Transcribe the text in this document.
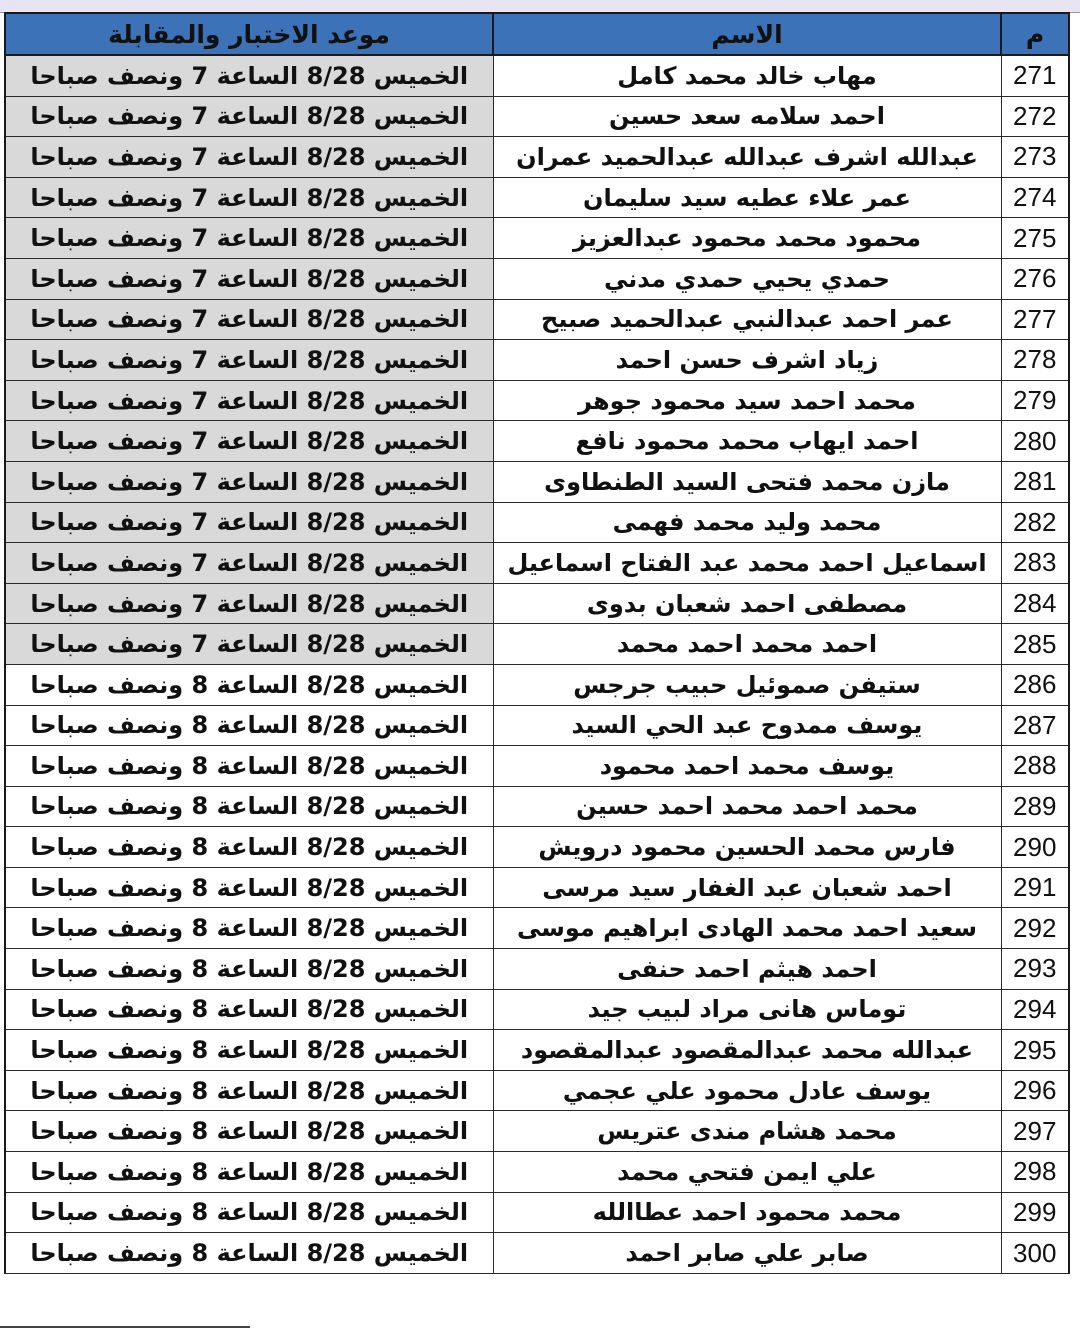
م	الاسم	موعد الاختبار والمقابلة
271	مهاب خالد محمد كامل	الخميس 8/28 الساعة 7 ونصف صباحا
272	احمد سلامه سعد حسين	الخميس 8/28 الساعة 7 ونصف صباحا
273	عبدالله اشرف عبدالله عبدالحميد عمران	الخميس 8/28 الساعة 7 ونصف صباحا
274	عمر علاء عطيه سيد سليمان	الخميس 8/28 الساعة 7 ونصف صباحا
275	محمود محمد محمود عبدالعزيز	الخميس 8/28 الساعة 7 ونصف صباحا
276	حمدي يحيي حمدي مدني	الخميس 8/28 الساعة 7 ونصف صباحا
277	عمر احمد عبدالنبي عبدالحميد صبيح	الخميس 8/28 الساعة 7 ونصف صباحا
278	زياد اشرف حسن احمد	الخميس 8/28 الساعة 7 ونصف صباحا
279	محمد احمد سيد محمود جوهر	الخميس 8/28 الساعة 7 ونصف صباحا
280	احمد ايهاب محمد محمود نافع	الخميس 8/28 الساعة 7 ونصف صباحا
281	مازن محمد فتحى السيد الطنطاوى	الخميس 8/28 الساعة 7 ونصف صباحا
282	محمد وليد محمد فهمى	الخميس 8/28 الساعة 7 ونصف صباحا
283	اسماعيل احمد محمد عبد الفتاح اسماعيل	الخميس 8/28 الساعة 7 ونصف صباحا
284	مصطفى احمد شعبان بدوى	الخميس 8/28 الساعة 7 ونصف صباحا
285	احمد محمد احمد محمد	الخميس 8/28 الساعة 7 ونصف صباحا
286	ستيفن صموئيل حبيب جرجس	الخميس 8/28 الساعة 8 ونصف صباحا
287	يوسف ممدوح عبد الحي السيد	الخميس 8/28 الساعة 8 ونصف صباحا
288	يوسف محمد احمد محمود	الخميس 8/28 الساعة 8 ونصف صباحا
289	محمد احمد محمد احمد حسين	الخميس 8/28 الساعة 8 ونصف صباحا
290	فارس محمد الحسين محمود درويش	الخميس 8/28 الساعة 8 ونصف صباحا
291	احمد شعبان عبد الغفار سيد مرسى	الخميس 8/28 الساعة 8 ونصف صباحا
292	سعيد احمد محمد الهادى ابراهيم موسى	الخميس 8/28 الساعة 8 ونصف صباحا
293	احمد هيثم احمد حنفى	الخميس 8/28 الساعة 8 ونصف صباحا
294	توماس هانى مراد لبيب جيد	الخميس 8/28 الساعة 8 ونصف صباحا
295	عبدالله محمد عبدالمقصود عبدالمقصود	الخميس 8/28 الساعة 8 ونصف صباحا
296	يوسف عادل محمود علي عجمي	الخميس 8/28 الساعة 8 ونصف صباحا
297	محمد هشام مندى عتريس	الخميس 8/28 الساعة 8 ونصف صباحا
298	علي ايمن فتحي محمد	الخميس 8/28 الساعة 8 ونصف صباحا
299	محمد محمود احمد عطاالله	الخميس 8/28 الساعة 8 ونصف صباحا
300	صابر علي صابر احمد	الخميس 8/28 الساعة 8 ونصف صباحا
